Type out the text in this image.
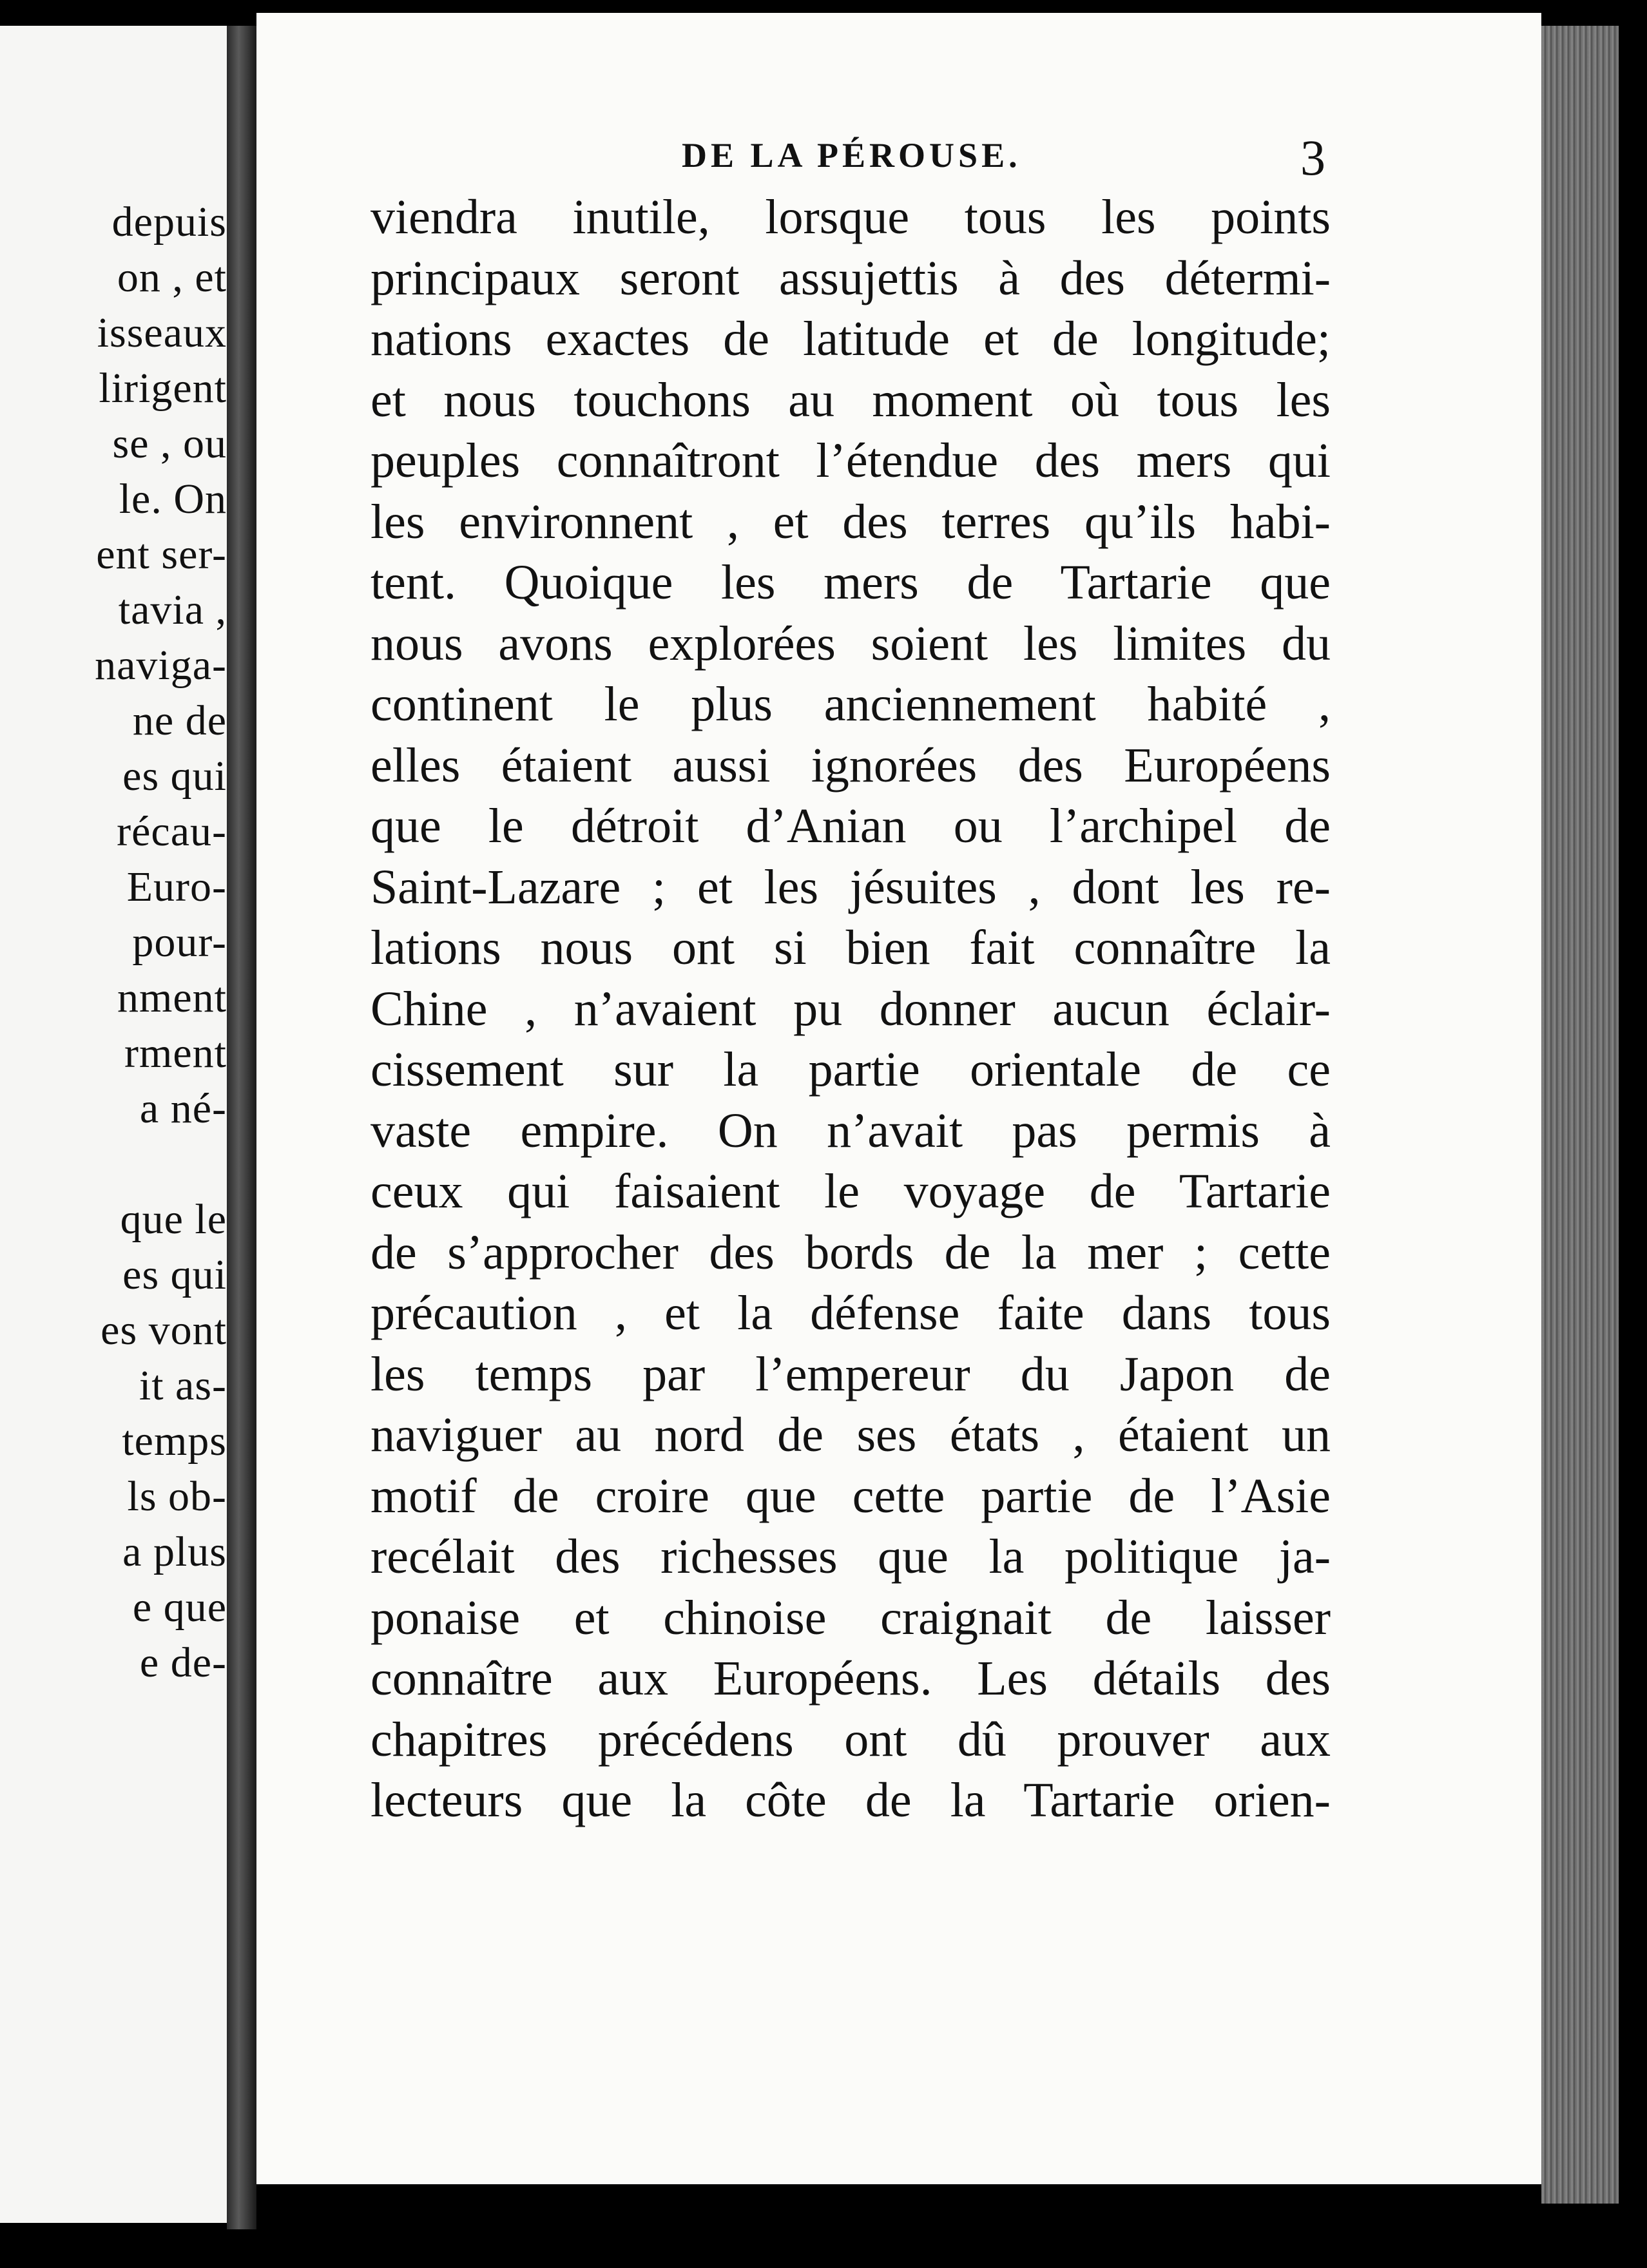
depuis
on , et
isseaux
lirigent
se , ou
le. On
ent ser-
tavia ,
naviga-
ne de
es qui
récau-
Euro-
pour-
nment
rment
a né-
que le
es qui
es vont
it as-
temps
ls ob-
a plus
e que
e de-
DE LA PÉROUSE.	3
viendra inutile, lorsque tous les points
principaux seront assujettis à des détermi-
nations exactes de latitude et de longitude;
et nous touchons au moment où tous les
peuples connaîtront l’étendue des mers qui
les environnent , et des terres qu’ils habi-
tent. Quoique les mers de Tartarie que
nous avons explorées soient les limites du
continent le plus anciennement habité ,
elles étaient aussi ignorées des Européens
que le détroit d’Anian ou l’archipel de
Saint-Lazare ; et les jésuites , dont les re-
lations nous ont si bien fait connaître la
Chine , n’avaient pu donner aucun éclair-
cissement sur la partie orientale de ce
vaste empire. On n’avait pas permis à
ceux qui faisaient le voyage de Tartarie
de s’approcher des bords de la mer ; cette
précaution , et la défense faite dans tous
les temps par l’empereur du Japon de
naviguer au nord de ses états , étaient un
motif de croire que cette partie de l’Asie
recélait des richesses que la politique ja-
ponaise et chinoise craignait de laisser
connaître aux Européens. Les détails des
chapitres précédens ont dû prouver aux
lecteurs que la côte de la Tartarie orien-
